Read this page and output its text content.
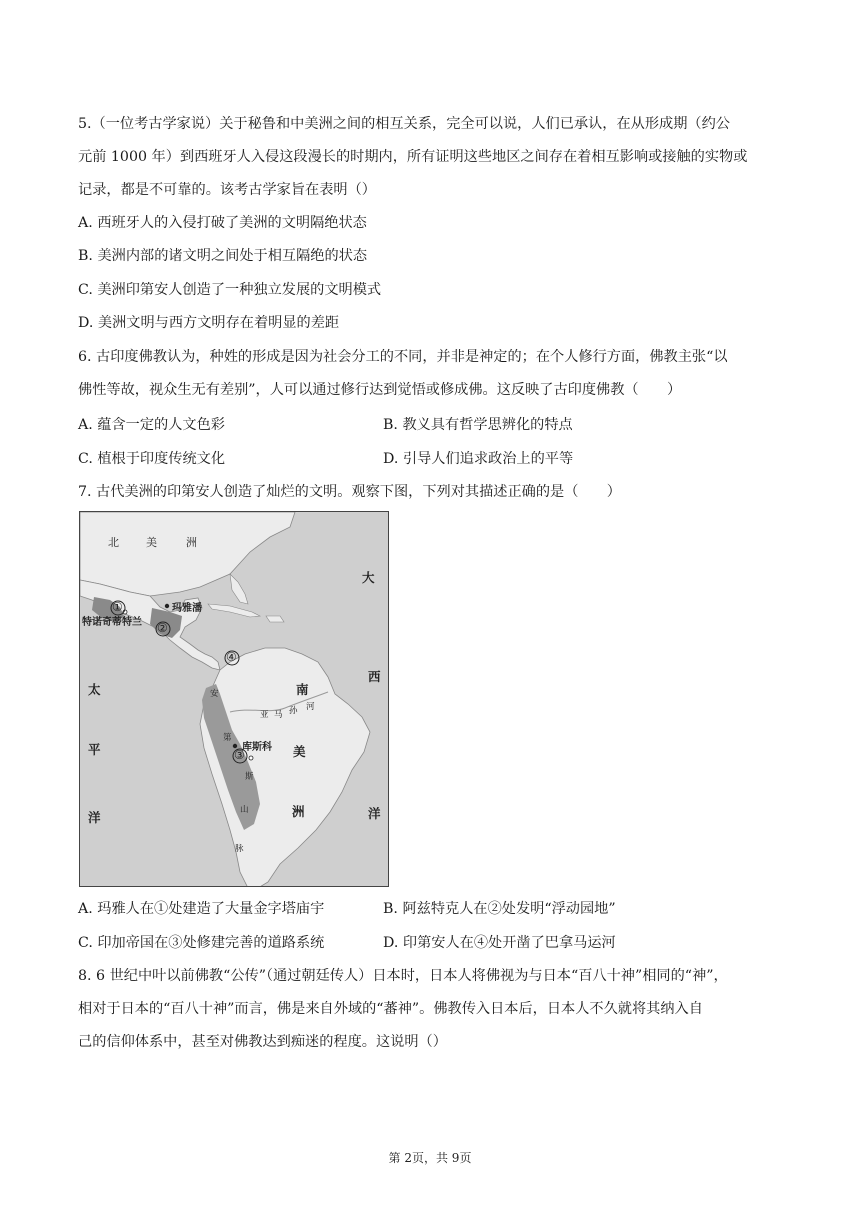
5.（一位考古学家说）关于秘鲁和中美洲之间的相互关系，完全可以说，人们已承认，在从形成期（约公
元前 1000 年）到西班牙人入侵这段漫长的时期内，所有证明这些地区之间存在着相互影响或接触的实物或
记录，都是不可靠的。该考古学家旨在表明（）
A. 西班牙人的入侵打破了美洲的文明隔绝状态
B. 美洲内部的诸文明之间处于相互隔绝的状态
C. 美洲印第安人创造了一种独立发展的文明模式
D. 美洲文明与西方文明存在着明显的差距
6. 古印度佛教认为，种姓的形成是因为社会分工的不同，并非是神定的；在个人修行方面，佛教主张“以
佛性等故，视众生无有差别”，人可以通过修行达到觉悟或修成佛。这反映了古印度佛教（　　）
A. 蕴含一定的人文色彩	B. 教义具有哲学思辨化的特点
C. 植根于印度传统文化	D. 引导人们追求政治上的平等
7. 古代美洲的印第安人创造了灿烂的文明。观察下图，下列对其描述正确的是（　　）
北 美	洲
大
西
洋
太
平
洋
南
美
洲
亚 马 孙 河
安
第
斯
山
脉
玛雅潘
特诺奇蒂特兰
库斯科
①
②
③
④
A. 玛雅人在①处建造了大量金字塔庙宇	B. 阿兹特克人在②处发明“浮动园地”
C. 印加帝国在③处修建完善的道路系统	D. 印第安人在④处开凿了巴拿马运河
8. 6 世纪中叶以前佛教“公传”（通过朝廷传人）日本时，日本人将佛视为与日本“百八十神”相同的“神”，
相对于日本的“百八十神”而言，佛是来自外域的“蕃神”。佛教传入日本后，日本人不久就将其纳入自
己的信仰体系中，甚至对佛教达到痴迷的程度。这说明（）
第 2页，共 9页
